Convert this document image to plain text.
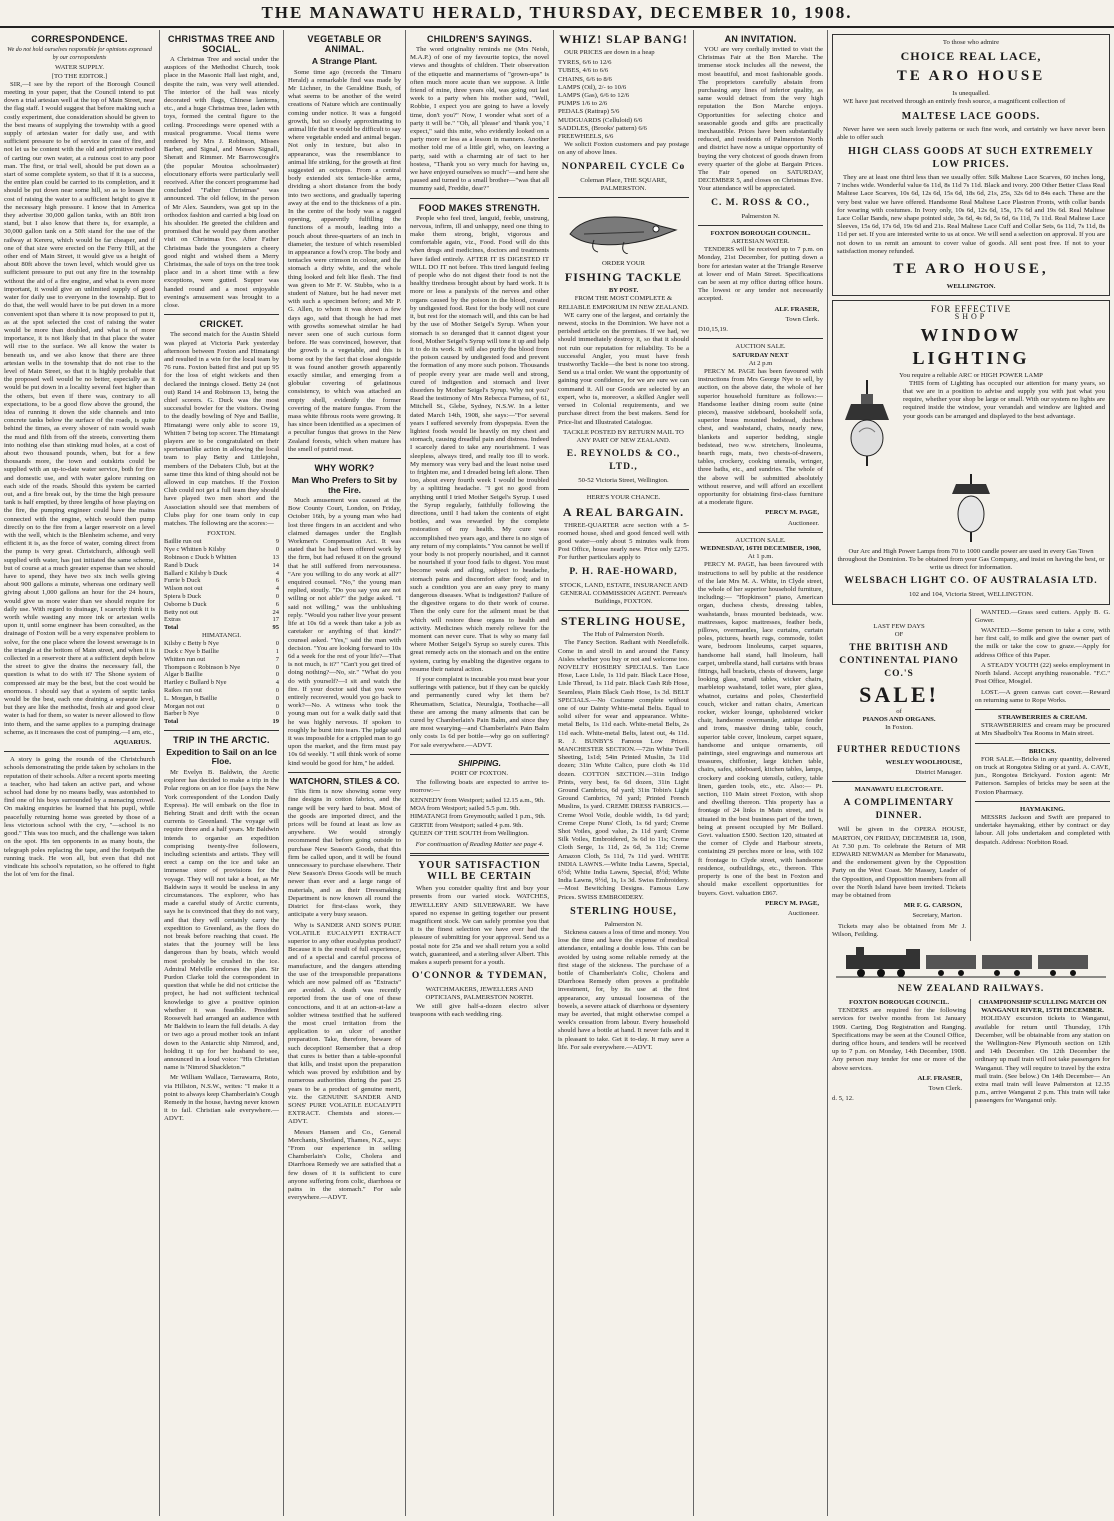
THE MANAWATU HERALD, THURSDAY, DECEMBER 10, 1908.
CORRESPONDENCE.
We do not hold ourselves responsible for opinions expressed by our correspondents
WATER SUPPLY.
[TO THE EDITOR.]

SIR,—I see by the report of the Borough Council meeting in your paper, that the Council intend to put down a trial artesian well at the top of Main Street, near the flag staff. I would suggest that before making such a costly experiment, due consideration should be given to the best means of supplying the township with a good supply of artesian water for daily use, and with sufficient pressure to be of service in case of fire, and not let us be content with the old and primitive method of carting our own water, at a ruinous cost to any poor man. The first, or trial well, should be put down as a start of some complete system, so that if it is a success, the entire plan could be carried to its completion, and it should be put down near some hill, so as to lessen the cost of raising the water to a sufficient height to give it the necessary high pressure. I know that in America they advertise 30,000 gallon tanks, with an 80ft iron stand, but I also know that there is, for example, a 30,000 gallon tank on a 50ft stand for the use of the railway at Kereru, which would be far cheaper, and if one of that size were erected on the Ferry Hill, at the other end of Main Street, it would give us a height of about 80ft above the town level, which would give us sufficient pressure to put out any fire in the township without the aid of a fire engine, and what is even more important, it would give an unlimited supply of good water for daily use to everyone in the township. But to do that, the well would have to be put down in a more convenient spot than where it is now proposed to put it, as at the spot selected the cost of raising the water would be more than doubled, and what is of more importance, it is not likely that in that place the water will rise to the surface. We all know the water is beneath us, and we also know that there are three artesian wells in the township that do not rise to the level of Main Street, so that it is highly probable that the proposed well would be no better, especially as it would be put down in a locality several feet higher than the others, but even if there was, contrary to all expectations, to be a good flow above the ground, the idea of running it down the side channels and into concrete tanks below the surface of the roads, is quite behind the times, as every shower of rain would wash the mud and filth from off the streets, converting them into nothing else than stinking mud holes, at a cost of about two thousand pounds, when, but for a few thousands more, the town and outskirts could be supplied with an up-to-date water service, both for fire and domestic use, and with water galore running on each side of the roads. Should this system be carried out, and a fire break out, by the time the high pressure tank is half emptied, by three lengths of hose playing on the fire, the pumping engineer could have the mains connected with the engine, which would then pump directly on to the fire from a larger reservoir on a level with the well, which is the Blenheim scheme, and very efficient it is, as the force of water, coming direct from the pump is very great. Christchurch, although well supplied with water, has just initiated the same scheme, but of course at a much greater expense than we should have to spend, they have two six inch wells giving about 900 gallons a minute, whereas one ordinary well giving about 1,000 gallons an hour for the 24 hours, would give us more water than we should require for daily use. With regard to drainage, I scarcely think it is worth while wasting any more ink or artesian wells upon it, until some engineer has been consulted, as the drainage of Foxton will be a very expensive problem to solve, for the one place where the lowest sewerage is in the triangle at the bottom of Main street, and when it is collected in a reservoir there at a sufficient depth below the street to give the drains the necessary fall, the question is what to do with it? The Shone system of compressed air may be the best, but the cost would be enormous. I should say that a system of septic tanks would be the best, each one draining a separate level, but they are like the methodist, fresh air and good clear water is had for them, so water is never allowed to flow into them, and the same applies to a pumping drainage scheme, as it increases the cost of pumping.—I am, etc.,

AQUARIUS.

A story is going the rounds of the Christchurch schools demonstrating the pride taken by scholars in the reputation of their schools. After a recent sports meeting a teacher, who had taken an active part, and whose school had done by no means badly, was astonished to find one of his boys surrounded by a menacing crowd. On making enquiries he learned that his pupil, while peacefully returning home was greeted by those of a less victorious school with the cry, "—school is no good." This was too much, and the challenge was taken on the spot. His ten opponents in as many bouts, the telegraph poles replacing the tape, and the footpath the running track. He won all, but even that did not vindicate his school's reputation, so he offered to fight the lot of 'em for the final.

CHRISTMAS TREE AND SOCIAL.

A Christmas Tree and social under the auspices of the Methodist Church, took place in the Masonic Hall last night, and, despite the rain, was very well attended. The interior of the hall was nicely decorated with flags, Chinese lanterns, etc., and a huge Christmas tree, laden with toys, formed the central figure to the ceiling. Proceedings were opened with a musical programme. Vocal items were rendered by Mrs J. Robinson, Misses Barber, and Signal, and Messrs Signall, Sheratt and Rimmer. Mr Barrowcough's (the popular Moutoa schoolmaster) elocutionary efforts were particularly well received. After the concert programme had concluded "Father Christmas" was announced. The old fellow, in the person of Mr Alex. Saunders, was got up in the orthodox fashion and carried a big load on his shoulder. He greeted the children and promised that he would pay them another visit on Christmas Eve. After Father Christmas bade the youngsters a cheery good night and wished them a Merry Christmas, the sale of toys on the tree took place and in a short time with a few exceptions, were gutted. Supper was handed round and a most enjoyable evening's amusement was brought to a close.

CRICKET.

The second match for the Austin Shield was played at Victoria Park yesterday afternoon between Foxton and Himatangi and resulted in a win for the local team by 76 runs. Foxton batted first and put up 95 for the loss of eight wickets and then declared the innings closed. Betty 24 (not out) Rand 14 and Robinson 13, being the chief scorers. G. Duck was the most successful bowler for the visitors. Owing to the deadly bowling of Nye and Baillie, Himatangi were only able to score 19, Whitten 7 being top scorer. The Himatangi players are to be congratulated on their sportsmanlike action in allowing the local team to play Betty and Littlejohn, members of the Debaters Club, but at the same time this kind of thing should not be allowed in cup matches. If the Foxton Club could not get a full team they should have played two men short and the Association should see that members of Clubs play for one team only in cup matches. The following are the scores:—

FOXTON.
Baillie run out	9
Nye c Whitten b Kilsby	0
Robinson c Duck b Whitten	13
Rand b Duck	14
Ballard c Kilsby b Duck	4
Furrie b Duck	6
Wilson not out	4
Spiera b Duck	0
Osborne b Duck	6
Betty not out	24
Extras	17
Total	95
HIMATANGI.
Kilsby c Betty b Nye	0
Duck c Nye b Baillie	1
Whitten run out	7
Thompson c Robinson b Nye	0
Algar b Baillie	0
Hartley c Bullard b Nye	4
Raikes run out	0
L. Morgan, b Baillie	0
Morgan not out	0
Barber b Nye	0
Total	19
TRIP IN THE ARCTIC.
Expedition to Sail on an Ice Floe.

Mr Evelyn B. Baldwin, the Arctic explorer has decided to make a trip in the Polar regions on an ice floe (says the New York correspondent of the London Daily Express). He will embark on the floe in Behring Strait and drift with the ocean currents to Greenland. The voyage will require three and a half years. Mr Baldwin intends to organise an expedition comprising twenty-five followers, including scientists and artists. They will erect a camp on the ice and take an immense store of provisions for the voyage. They will not take a boat, as Mr Baldwin says it would be useless in any circumstances. The explorer, who has made a careful study of Arctic currents, says he is convinced that they do not vary, and that they will certainly carry the expedition to Greenland, as the floes do not break before reaching that coast. He states that the journey will be less dangerous than by boats, which would most probably be crushed in the ice. Admiral Melville endorses the plan. Sir Purdon Clarke told the correspondent in question that while he did not criticise the project, he had not sufficient technical knowledge to give a positive opinion whether it was feasible. President Roosevelt had arranged an audience with Mr Baldwin to learn the full details. A day or two ago a proud mother took an infant down to the Antarctic ship Nimrod, and, holding it up for her husband to see, announced in a loud voice: "His Christian name is 'Nimrod Shackleton.'"

Mr William Wallace, Tarrawarra, Roto, via Hillston, N.S.W., writes: "I make it a point to always keep Chamberlain's Cough Remedy in the house, having never known it to fail. Christian sale everywhere.—ADVT.

VEGETABLE OR ANIMAL.
A Strange Plant.

Some time ago (records the Timaru Herald) a remarkable find was made by Mr Lichner, in the Geraldine Bush, of what seems to be another of the weird creations of Nature which are continually coming under notice. It was a fungoid growth, but so closely approximating to animal life that it would be difficult to say where vegetable ended and animal began. Not only in texture, but also in appearance, was the resemblance to animal life striking, for the growth at first suggested an octopus. From a central body extended six tentacle-like arms, dividing a short distance from the body into two sections, and gradually tapering away at the end to the thickness of a pin. In the centre of the body was a ragged opening, apparently fulfilling the functions of a mouth, leading into a pouch about three-quarters of an inch in diameter, the texture of which resembled in appearance a fowl's crop. The body and tentacles were crimson in colour, and the stomach a dirty white, and the whole thing looked and felt like flesh. The find was given to Mr F. W. Stubbs, who is a student of Nature, but he had never met with such a specimen before; and Mr P. G. Allen, to whom it was shown a few days ago, said that though he had met with growths somewhat similar he had never seen one of such curious form before. He was convinced, however, that the growth is a vegetable, and this is borne out by the fact that close alongside it was found another growth apparently exactly similar, and emerging from a globular covering of gelatinous consistency, to which was attached an empty shell, evidently the former covering of the mature fungus. From the mass white fibrous roots were growing. It has since been identified as a specimen of a peculiar fungus that grows in the New Zealand forests, which when mature has the smell of putrid meat.

WHY WORK?
Man Who Prefers to Sit by the Fire.

Much amusement was caused at the Bow County Court, London, on Friday, October 16th, by a young man who had lost three fingers in an accident and who claimed damages under the English Workmen's Compensation Act. It was stated that he had been offered work by the firm, but had refused it on the ground that he still suffered from nervousness. "Are you willing to do any work at all?" enquired counsel. "No," the young man replied, stoutly. "Do you say you are not willing or not able?" the judge asked. "I said not willing," was the unblushing reply. "Would you rather live your present life at 10s 6d a week than take a job as caretaker or anything of that kind?" counsel asked. "Yes," said the man with decision. "You are looking forward to 10s 6d a week for the rest of your life?—That is not much, is it?" "Can't you get tired of doing nothing?—No, sir." "What do you do with yourself?—I sit and watch the fire. If your doctor said that you were entirely recovered, would you go back to work?—No. A witness who took the young man out for a walk daily said that he was highly nervous. If spoken to roughly he burst into tears. The judge said it was impossible for a crippled man to go upon the market, and the firm must pay 10s 6d weekly. "I still think work of some kind would be good for him," he added.

WATCHORN, STILES & CO.

This firm is now showing some very fine designs in cotton fabrics, and the range will be very hard to beat. Most of the goods are imported direct, and the prices will be found at least as low as anywhere. We would strongly recommend that before going outside to purchase New Season's Goods, that this firm be called upon, and it will be found unnecessary to purchase elsewhere. Their New Season's Dress Goods will be much newer than ever and a large range of materials, and as their Dressmaking Department is now known all round the District for first-class work, they anticipate a very busy season.

Why is SANDER AND SON'S PURE VOLATILE EUCALYPTI EXTRACT superior to any other eucalyptus product? Because it is the result of full experience, and of a special and careful process of manufacture, and the dangers attending the use of the irresponsible preparations which are now palmed off as "Extracts" are avoided. A death was recently reported from the use of one of these concoctions, and it at an action-at-law a soldier witness testified that he suffered the most cruel irritation from the application to an ulcer of another preparation. Take, therefore, beware of such deception! Remember that a drop that cures is better than a table-spoonful that kills, and insist upon the preparation which was proved by exhibition and by numerous authorities during the past 25 years to be a product of genuine merit, viz. the GENUINE SANDER AND SONS' PURE VOLATILE EUCALYPTI EXTRACT. Chemists and stores.—ADVT.

Messrs Hansen and Co., General Merchants, Shotland, Thames, N.Z., says: "From our experience in selling Chamberlain's Colic, Cholera and Diarrhoea Remedy we are satisfied that a few doses of it is sufficient to cure anyone suffering from colic, diarrhoea or pains in the stomach." For sale everywhere.—ADVT.

CHILDREN'S SAYINGS.

The word originality reminds me (Mrs Neish, M.A.P.) of one of my favourite topics, the novel views and thoughts of children. Their observation of the etiquette and mannerisms of "grown-ups" is often much more acute than we suppose. A little friend of mine, three years old, was going out last week to a party when his mother said, "Well, Robbie, I expect you are going to have a lovely time, don't you?" Now, I wonder what sort of a party it will be." "Oh, all 'please' and 'thank you,' I expect," said this mite, who evidently looked on a party more or less as a lesson in manners. Another mother told me of a little girl, who, on leaving a party, said with a charming air of tact to her hostess, "Thank you so very much for having us, we have enjoyed ourselves so much"—and here she paused and turned to a small brother—"was that all mummy said, Freddie, dear?"

FOOD MAKES STRENGTH.

People who feel tired, languid, feeble, unstrung, nervous, infirm, ill and unhappy, need one thing to make them strong, bright, vigorous and comfortable again, viz., Food. Food will do this when drugs and medicines, doctors and treatments have failed entirely. AFTER IT IS DIGESTED IT WILL DO IT not before. This tired languid feeling of people who do not digest their food is not the healthy tiredness brought about by hard work. It is more or less a paralysis of the nerves and other organs caused by the poison in the blood, created by undigested food. Rest for the body will not cure it, but rest for the stomach will, and this can be had by the use of Mother Seigel's Syrup. When your stomach is so deranged that it cannot digest your food, Mother Seigel's Syrup will tone it up and help it to do its work. It will also purify the blood from the poison caused by undigested food and prevent the formation of any more such poison. Thousands of people every year are made well and strong, cured of indigestion and stomach and liver disorders by Mother Seigel's Syrup. Why not you? Read the testimony of Mrs Rebecca Furness, of 61, Mitchell St., Glebe, Sydney, N.S.W. In a letter dated March 14th, 1908, she says:—"For several years I suffered severely from dyspepsia. Even the lightest foods would lie heavily on my chest and stomach, causing dreadful pain and distress. Indeed I scarcely dared to take any nourishment. I was sleepless, always tired, and really too ill to work. My memory was very bad and the least noise used to frighten me, and I dreaded being left alone. Then too, about every fourth week I would be troubled by a splitting headache. "I got no good from anything until I tried Mother Seigel's Syrup. I used the Syrup regularly, faithfully following the directions, until I had taken the contents of eight bottles, and was rewarded by the complete restoration of my health. My cure was accomplished two years ago, and there is no sign of any return of my complaints." You cannot be well if your body is not properly nourished, and it cannot be nourished if your food fails to digest. You must become weak and ailing, subject to headache, stomach pains and discomfort after food; and in such a condition you are an easy prey to many dangerous diseases. What is indigestion? Failure of the digestive organs to do their work of course. Then the only cure for the ailment must be that which will restore these organs to health and activity. Medicines which merely relieve for the moment can never cure. That is why so many fail where Mother Seigel's Syrup so surely cures. This great remedy acts on the stomach and on the entire system, curing by enabling the digestive organs to resume their natural action.

If your complaint is incurable you must bear your sufferings with patience, but if they can be quickly and permanently cured why let them be? Rheumatism, Sciatica, Neuralgia, Toothache—all these are among the many ailments that can be cured by Chamberlain's Pain Balm, and since they are most wearying—and Chamberlain's Pain Balm only costs 1s 6d per bottle—why go on suffering? For sale everywhere.—ADVT.

SHIPPING.
PORT OF FOXTON.

The following boats are expected to arrive to-morrow:—

KENNEDY from Westport; sailed 12.15 a.m., 9th.
MOA from Westport; sailed 5.5 p.m. 9th.
HIMATANGI from Greymouth; sailed 1 p.m., 9th.
GERTIE from Westport; sailed 4 p.m. 9th.
QUEEN OF THE SOUTH from Wellington.
For continuation of Reading Matter see page 4.
YOUR SATISFACTION WILL BE CERTAIN

When you consider quality first and buy your presents from our varied stock. WATCHES, JEWELLERY AND SILVERWARE. We have spared no expense in getting together our present magnificent stock. We can safely promise you that it is the finest selection we have ever had the pleasure of submitting for your approval. Send us a postal note for 25s and we shall return you a solid watch, guaranteed, and a sterling silver Albert. This makes a superb present for a youth.

O'CONNOR & TYDEMAN,
WATCHMAKERS, JEWELLERS AND OPTICIANS, PALMERSTON NORTH.

We still give half-a-dozen electro silver teaspoons with each wedding ring.

WHIZ! SLAP BANG!

OUR PRICES are down in a heap

TYRES, 6/6 to 12/6
TUBES, 4/6 to 6/6
CHAINS, 6/6 to 8/6
LAMPS (Oil), 2/- to 10/6
LAMPS (Gas), 6/6 to 12/6
PUMPS 1/6 to 2/6
PEDALS (Rattrap) 5/6
MUDGUARDS (Celluloid) 6/6
SADDLES, (Brooks' pattern) 6/6
FREEWHEELS, 6/6

We solicit Foxton customers and pay postage on any of above lines.

NONPAREIL CYCLE Co
Coleman Place, THE SQUARE, PALMERSTON.
ORDER YOUR
FISHING TACKLE
BY POST.
FROM THE MOST COMPLETE & RELIABLE EMPORIUM IN NEW ZEALAND.

WE carry one of the largest, and certainly the newest, stocks in the Dominion. We have not a perished article on the premises. If we had, we should immediately destroy it, so that it should not ruin our reputation for reliability. To be a successful Angler, you must have fresh trustworthy Tackle—the best is none too strong. Send us a trial order. We want the opportunity of gaining your confidence, for we are sure we can command it. All our Goods are selected by an expert, who is, moreover, a skilled Angler well versed in Colonial requirements, and we purchase direct from the best makers. Send for Price-list and Illustrated Catalogue.

TACKLE POSTED BY RETURN MAIL TO ANY PART OF NEW ZEALAND.
E. REYNOLDS & CO., LTD.,
50-52 Victoria Street, Wellington.
HERE'S YOUR CHANCE.
A REAL BARGAIN.

THREE-QUARTER acre section with a 5-roomed house, shed and good fenced well with good water—only about 5 minutes walk from Post Office, house nearly new. Price only £275. For further particulars apply to

P. H. RAE-HOWARD,
STOCK, LAND, ESTATE, INSURANCE AND GENERAL COMMISSION AGENT. Perreau's Buildings, FOXTON.
STERLING HOUSE,
The Hub of Palmerston North.

The Fancy Section. Radiant with Needlefolk. Come in and stroll in and around the Fancy Aisles whether you buy or not and welcome too. NOVELTY HOSIERY SPECIALS. Tan Lace Hose, Lace Lisle, 1s 11d pair. Black Lace Hose, Lisle Thread, 1s 11d pair. Black Cash Rib Hose, Seamless, Plain Black Cash Hose, 1s 3d. BELT SPECIALS.—No Costume complete without one of our Dainty White-metal Belts. Equal to solid silver for wear and appearance. White-metal Belts, 1s 11d each. White-metal Belts, 2s 11d each. White-metal Belts, latest out, 4s 11d. R. J. BUNBY'S Famous Low Prices. MANCHESTER SECTION.—72in White Twill Sheeting, 1s1d; 54in Printed Muslin, 3s 11d dozen; 31in White Calico, pure cloth 4s 11d dozen. COTTON SECTION.—31in Indigo Prints, very best, 6s 6d dozen, 31in Light Ground Cambrics, 6d yard; 31in Tobin's Light Ground Cambrics, 7d yard; Printed French Muslins, 1s yard. CREME DRESS FABRICS.—Creme Wool Voile, double width, 1s 6d yard; Creme Crepe Nuns' Cloth, 1s 6d yard; Creme Shot Voiles, good value, 2s 11d yard; Creme Silk Voiles, Embroidered, 3s 6d to 11s; Creme Cloth Serge, 1s 11d, 2s 6d, 3s 11d; Creme Amazon Cloth, 5s 11d, 7s 11d yard. WHITE INDIA LAWNS.—White India Lawns, Special, 6½d; White India Lawns, Special, 8½d; White India Lawns, 9½d, 1s, 1s 3d. Swiss Embroidery.—Most Bewitching Designs. Famous Low Prices. SWISS EMBROIDERY.

STERLING HOUSE,
Palmerston N.

Sickness causes a loss of time and money. You lose the time and have the expense of medical attendance, entailing a double loss. This can be avoided by using some reliable remedy at the first stage of the sickness. The purchase of a bottle of Chamberlain's Colic, Cholera and Diarrhoea Remedy often proves a profitable investment, for, by its use at the first appearance, any unusual looseness of the bowels, a severe attack of diarrhoea or dysentery may be averted, that might otherwise compel a week's cessation from labour. Every household should have a bottle at hand. It never fails and it is pleasant to take. Get it to-day. It may save a life. For sale everywhere.—ADVT.

AN INVITATION.

YOU are very cordially invited to visit the Christmas Fair at the Bon Marche. The immense stock includes all the newest, the most beautiful, and most fashionable goods. The proprietors carefully abstain from purchasing any lines of inferior quality, as same would detract from the very high reputation the Bon Marche enjoys. Opportunities for selecting choice and seasonable goods and gifts are practically inexhaustible. Prices have been substantially reduced, and residents of Palmerston North and district have now a unique opportunity of buying the very choicest of goods drawn from every quarter of the globe at Bargain Prices. The Fair opened on SATURDAY, DECEMBER 5, and closes on Christmas Eve. Your attendance will be appreciated.

C. M. ROSS & CO.,
Palmerston N.
FOXTON BOROUGH COUNCIL.
ARTESIAN WATER.

TENDERS will be received up to 7 p.m. on Monday, 21st December, for putting down a bore for artesian water at the Triangle Reserve at lower end of Main Street. Specifications can be seen at my office during office hours. The lowest or any tender not necessarily accepted.

ALF. FRASER,
Town Clerk.
D10,15,19.
AUCTION SALE.
SATURDAY NEXT
At 2 p.m

PERCY M. PAGE has been favoured with instructions from Mrs George Nye to sell, by auction, on the above date, the whole of her superior household furniture as follows:— Handsome leather dining room suite (nine pieces), massive sideboard, bookshelf sofa, superior brass mounted bedstead, duchess chest, and washstand, chairs, nearly new, blankets and superior bedding, single bedstead, two w.w. stretchers, linoleums, hearth rugs, mats, two chests-of-drawers, tables, crockery, cooking utensils, wringer, three baths, etc., and sundries. The whole of the above will be submitted absolutely without reserve, and will afford an excellent opportunity for obtaining first-class furniture at a moderate figure.

PERCY M. PAGE,
Auctioneer.
AUCTION SALE.
WEDNESDAY, 16TH DECEMBER, 1908,
At 1 p.m.

PERCY M. PAGE, has been favoured with instructions to sell by public at the residence of the late Mrs M. A. White, in Clyde street, the whole of her superior household furniture, including:— "Hopkinson" piano, American organ, duchess chests, dressing tables, washstands, brass mounted bedsteads, w.w. mattresses, kapoc mattresses, feather beds, pillows, overmantles, lace curtains, curtain poles, pictures, hearth rugs, commode, toilet ware, bedroom linoleums, carpet squares, handsome hall stand, hall linoleum, hall carpet, umbrella stand, hall curtains with brass fittings, hall brackets, chests of drawers, large looking glass, small tables, wicker chairs, marbletop washstand, toilet ware, pier glass, whatnot, curtains and poles, Chesterfield couch, wicker and rattan chairs, American rocker, wicker lounge, upholstered wicker chair, handsome overmantle, antique fender and irons, massive dining table, couch, superior table cover, linoleum, carpet square, handsome and unique ornaments, oil paintings, steel engravings and numerous art treasures, chiffonier, large kitchen table, chairs, safes, sideboard, kitchen tables, lamps, crockery and cooking utensils, cutlery, table linen, garden tools, etc., etc. Also:— Pt. section, 110 Main street Foxton, with shop and dwelling thereon. This property has a frontage of 24 links in Main street, and is situated in the best business part of the town, being at present occupied by Mr Bullard. Govt. valuation £500. Section 120, situated at the corner of Clyde and Harbour streets, containing 29 perches more or less, with 102 ft frontage to Clyde street, with handsome residence, outbuildings, etc., thereon. This property is one of the best in Foxton and should make excellent opportunities for buyers. Govt. valuation £867.

PERCY M. PAGE,
Auctioneer.
To those who admire
CHOICE REAL LACE,
TE ARO HOUSE
Is unequalled.

WE have just received through an entirely fresh source, a magnificent collection of

MALTESE LACE GOODS.

Never have we seen such lovely patterns or such fine work, and certainly we have never been able to offer such

HIGH CLASS GOODS AT SUCH EXTREMELY LOW PRICES.

They are at least one third less than we usually offer. Silk Maltese Lace Scarves, 60 inches long, 7 inches wide. Wonderful value 6s 11d, 8s 11d 7s 11d. Black and ivory. 200 Other Better Class Real Maltese Lace Scarves, 10s 6d, 12s 6d, 15s 6d, 18s 6d, 21s, 25s, 32s 6d to 84s each. These are the very best value we have offered. Handsome Real Maltese Lace Plastron Fronts, with collar bands for wearing with costumes. In Ivory only, 10s 6d, 12s 6d, 15s, 17s 6d and 19s 6d. Real Maltese Lace Collar Bands, new shape pointed side, 3s 6d, 4s 6d, 5s 6d, 6s 11d, 7s 11d. Real Maltese Lace Sleeves, 15s 6d, 17s 6d, 19s 6d and 21s. Real Maltese Lace Cuff and Collar Sets, 6s 11d, 7s 11d, 8s 11d per set. If you are interested write to us at once. We will send a selection on approval. If you are not down to us remit an amount to cover value of goods. All sent post free. If not to your satisfaction money refunded.

TE ARO HOUSE,
WELLINGTON.
FOR EFFECTIVE
SHOP
WINDOW
LIGHTING
You require a reliable ARC or HIGH POWER LAMP

THIS form of Lighting has occupied our attention for many years, so that we are in a position to advise and supply you with just what you require, whether your shop be large or small. With our system no lights are required inside the window, your verandah and window are lighted and your goods can be arranged and displayed to the best advantage.

Our Arc and High Power Lamps from 70 to 1000 candle power are used in every Gas Town throughout the Dominion. To be obtained from your Gas Company, and insist on having the best, or write us direct for information.
WELSBACH LIGHT CO. OF AUSTRALASIA LTD.
102 and 104, Victoria Street, WELLINGTON.
LAST FEW DAYS
OF
THE BRITISH AND CONTINENTAL PIANO CO.'S
SALE!
of
PIANOS AND ORGANS.
In Foxton.
FURTHER REDUCTIONS
WESLEY WOOLHOUSE,
District Manager.
MANAWATU ELECTORATE.
A COMPLIMENTARY DINNER.

Will be given in the OPERA HOUSE, MARTON, ON FRIDAY, DECEMBER 18, 1908, At 7.30 p.m. To celebrate the Return of MR EDWARD NEWMAN as Member for Manawatu, and the endorsement given by the Opposition Party on the West Coast. Mr Massey, Leader of the Opposition, and Opposition members from all over the North Island have been invited. Tickets may be obtained from

MR F. G. CARSON,
Secretary, Marton.

Tickets may also be obtained from Mr J. Wilson, Feilding.

WANTED.—Grass seed cutters. Apply B. G. Gower.

WANTED.—Some person to take a cow, with her first calf, to milk and give the owner part of the milk or take the cow to graze.—Apply for address Office of this Paper.

A STEADY YOUTH (22) seeks employment in North Island. Accept anything reasonable. "F.C." Post Office, Mosgiel.

LOST.—A green canvas cart cover.—Reward on returning same to Rope Works.

STRAWBERRIES & CREAM.

STRAWBERRIES and cream may be procured at Mrs Shadbolt's Tea Rooms in Main street.

BRICKS.

FOR SALE.—Bricks in any quantity, delivered on truck at Rongotea Siding or at yard. A. CAVE, jun., Rongotea Brickyard. Foxton agent: Mr Patterson. Samples of bricks may be seen at the Foxton Pharmacy.

HAYMAKING.

MESSRS Jackson and Swift are prepared to undertake haymaking, either by contract or day labour. All jobs undertaken and completed with despatch. Address: Norbiton Road.

NEW ZEALAND RAILWAYS.
FOXTON BOROUGH COUNCIL.

TENDERS are required for the following services for twelve months from 1st January 1909. Carting, Dog Registration and Ranging. Specifications may be seen at the Council Office, during office hours, and tenders will be received up to 7 p.m. on Monday, 14th December, 1908. Any person may tender for one or more of the above services.

ALF. FRASER,
Town Clerk.
d. 5, 12.
CHAMPIONSHIP SCULLING MATCH ON WANGANUI RIVER, 15TH DECEMBER.

HOLIDAY excursion tickets to Wanganui, available for return until Thursday, 17th December, will be obtainable from any station on the Wellington-New Plymouth section on 12th and 14th December. On 12th December the ordinary up mail train will not take passengers for Wanganui. They will require to travel by the extra mail train. (See below.) On 14th December— An extra mail train will leave Palmerston at 12.35 p.m., arrive Wanganui 2 p.m. This train will take passengers for Wanganui only.
